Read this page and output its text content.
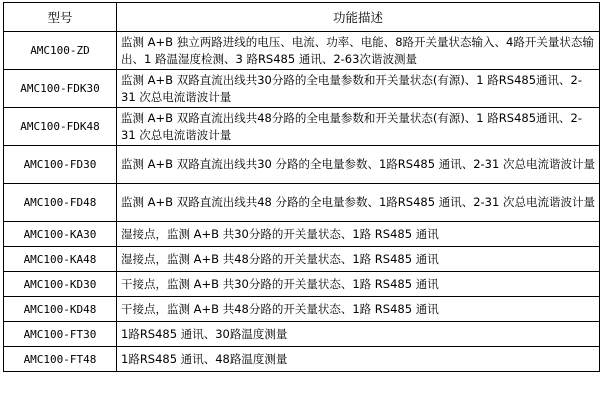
型号	功能描述
AMC100-ZD	监测 A+B 独立两路进线的电压、电流、功率、电能、8路开关量状态输入、4路开关量状态输出、1 路温湿度检测、3 路RS485 通讯、2-63次谐波测量
AMC100-FDK30	监测 A+B 双路直流出线共30分路的全电量参数和开关量状态(有源)、1 路RS485通讯、2-31 次总电流谐波计量
AMC100-FDK48	监测 A+B 双路直流出线共48分路的全电量参数和开关量状态(有源)、1 路RS485通讯、2-31 次总电流谐波计量
AMC100-FD30	监测 A+B 双路直流出线共30 分路的全电量参数、1路RS485 通讯、2-31 次总电流谐波计量
AMC100-FD48	监测 A+B 双路直流出线共48 分路的全电量参数、1路RS485 通讯、2-31 次总电流谐波计量
AMC100-KA30	湿接点，监测 A+B 共30分路的开关量状态、1路 RS485 通讯
AMC100-KA48	湿接点，监测 A+B 共48分路的开关量状态、1路 RS485 通讯
AMC100-KD30	干接点，监测 A+B 共30分路的开关量状态、1路 RS485 通讯
AMC100-KD48	干接点，监测 A+B 共48分路的开关量状态、1路 RS485 通讯
AMC100-FT30	1路RS485 通讯、30路温度测量
AMC100-FT48	1路RS485 通讯、48路温度测量
